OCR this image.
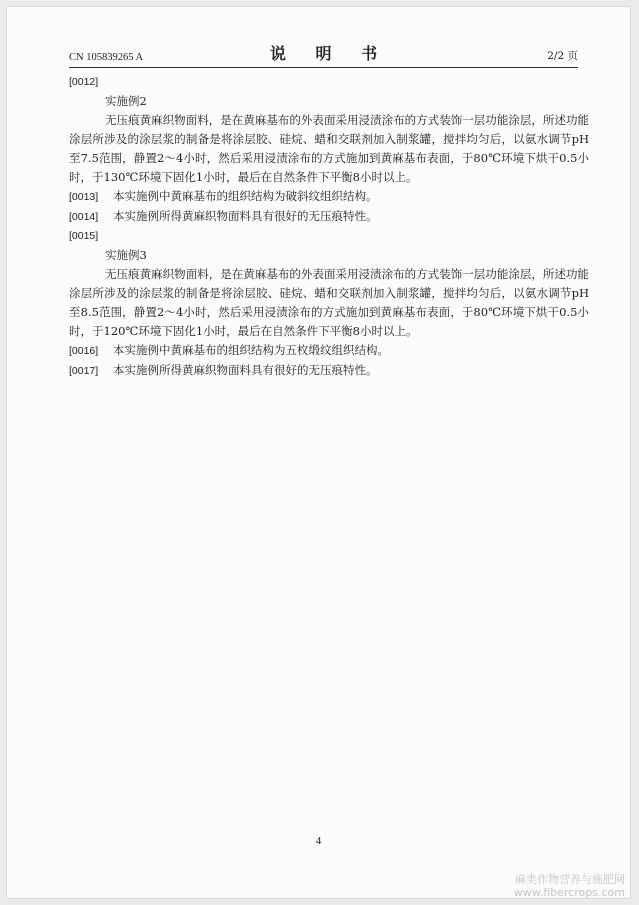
CN 105839265 A	说 明 书	2/2 页
[0012]
实施例2
无压痕黄麻织物面料，是在黄麻基布的外表面采用浸渍涂布的方式装饰一层功能涂层，所述功能涂层所涉及的涂层浆的制备是将涂层胶、硅烷、蜡和交联剂加入制浆罐，搅拌均匀后，以氨水调节pH至7.5范围，静置2～4小时，然后采用浸渍涂布的方式施加到黄麻基布表面，于80℃环境下烘干0.5小时，于130℃环境下固化1小时，最后在自然条件下平衡8小时以上。
[0013] 本实施例中黄麻基布的组织结构为破斜纹组织结构。
[0014] 本实施例所得黄麻织物面料具有很好的无压痕特性。
[0015]
实施例3
无压痕黄麻织物面料，是在黄麻基布的外表面采用浸渍涂布的方式装饰一层功能涂层，所述功能涂层所涉及的涂层浆的制备是将涂层胶、硅烷、蜡和交联剂加入制浆罐，搅拌均匀后，以氨水调节pH至8.5范围，静置2～4小时，然后采用浸渍涂布的方式施加到黄麻基布表面，于80℃环境下烘干0.5小时，于120℃环境下固化1小时，最后在自然条件下平衡8小时以上。
[0016] 本实施例中黄麻基布的组织结构为五枚缎纹组织结构。
[0017] 本实施例所得黄麻织物面料具有很好的无压痕特性。
4
麻类作物营养与施肥网
www.fibercrops.com
